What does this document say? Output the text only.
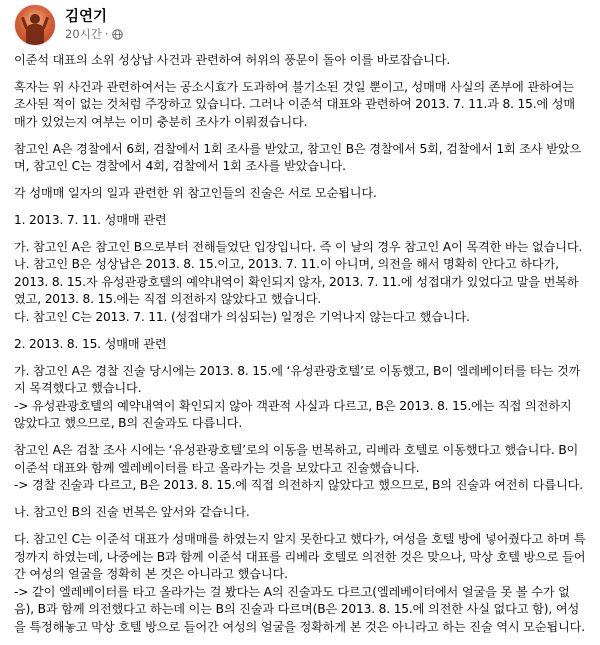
김연기
20시간 ·

이준석 대표의 소위 성상납 사건과 관련하여 허위의 풍문이 돌아 이를 바로잡습니다.

혹자는 위 사건과 관련하여서는 공소시효가 도과하여 불기소된 것일 뿐이고, 성매매 사실의 존부에 관하여는 조사된 적이 없는 것처럼 주장하고 있습니다. 그러나 이준석 대표와 관련하여 2013. 7. 11.과 8. 15.에 성매매가 있었는지 여부는 이미 충분히 조사가 이뤄졌습니다.

참고인 A은 경찰에서 6회, 검찰에서 1회 조사를 받았고, 참고인 B은 경찰에서 5회, 검찰에서 1회 조사 받았으며, 참고인 C는 경찰에서 4회, 검찰에서 1회 조사를 받았습니다.

각 성매매 일자의 일과 관련한 위 참고인들의 진술은 서로 모순됩니다.

1. 2013. 7. 11. 성매매 관련

가. 참고인 A은 참고인 B으로부터 전해들었단 입장입니다. 즉 이 날의 경우 참고인 A이 목격한 바는 없습니다.
나. 참고인 B은 성상납은 2013. 8. 15.이고, 2013. 7. 11.이 아니며, 의전을 해서 명확히 안다고 하다가, 2013. 8. 15.자 유성관광호텔의 예약내역이 확인되지 않자, 2013. 7. 11.에 성접대가 있었다고 말을 번복하였고, 2013. 8. 15.에는 직접 의전하지 않았다고 했습니다.
다. 참고인 C는 2013. 7. 11. (성접대가 의심되는) 일정은 기억나지 않는다고 했습니다.

2. 2013. 8. 15. 성매매 관련

가. 참고인 A은 경찰 진술 당시에는 2013. 8. 15.에 ‘유성관광호텔’로 이동했고, B이 엘레베이터를 타는 것까지 목격했다고 했습니다.
-> 유성관광호텔의 예약내역이 확인되지 않아 객관적 사실과 다르고, B은 2013. 8. 15.에는 직접 의전하지 않았다고 했으므로, B의 진술과도 다릅니다.

참고인 A은 검찰 조사 시에는 ‘유성관광호텔’로의 이동을 번복하고, 리베라 호텔로 이동했다고 했습니다. B이 이준석 대표와 함께 엘레베이터를 타고 올라가는 것을 보았다고 진술했습니다.
-> 경찰 진술과 다르고, B은 2013. 8. 15.에 직접 의전하지 않았다고 했으므로, B의 진술과 여전히 다릅니다.

나. 참고인 B의 진술 번복은 앞서와 같습니다.

다. 참고인 C는 이준석 대표가 성매매를 하였는지 알지 못한다고 했다가, 여성을 호텔 방에 넣어줬다고 하며 특정까지 하였는데, 나중에는 B과 함께 이준석 대표를 리베라 호텔로 의전한 것은 맞으나, 막상 호텔 방으로 들어간 여성의 얼굴을 정확히 본 것은 아니라고 했습니다.
-> 같이 엘레베이터를 타고 올라가는 걸 봤다는 A의 진술과도 다르고(엘레베이터에서 얼굴을 못 볼 수가 없음), B과 함께 의전했다고 하는데 이는 B의 진술과 다르며(B은 2013. 8. 15.에 의전한 사실 없다고 함), 여성을 특정해놓고 막상 호텔 방으로 들어간 여성의 얼굴을 정확하게 본 것은 아니라고 하는 진술 역시 모순됩니다.
